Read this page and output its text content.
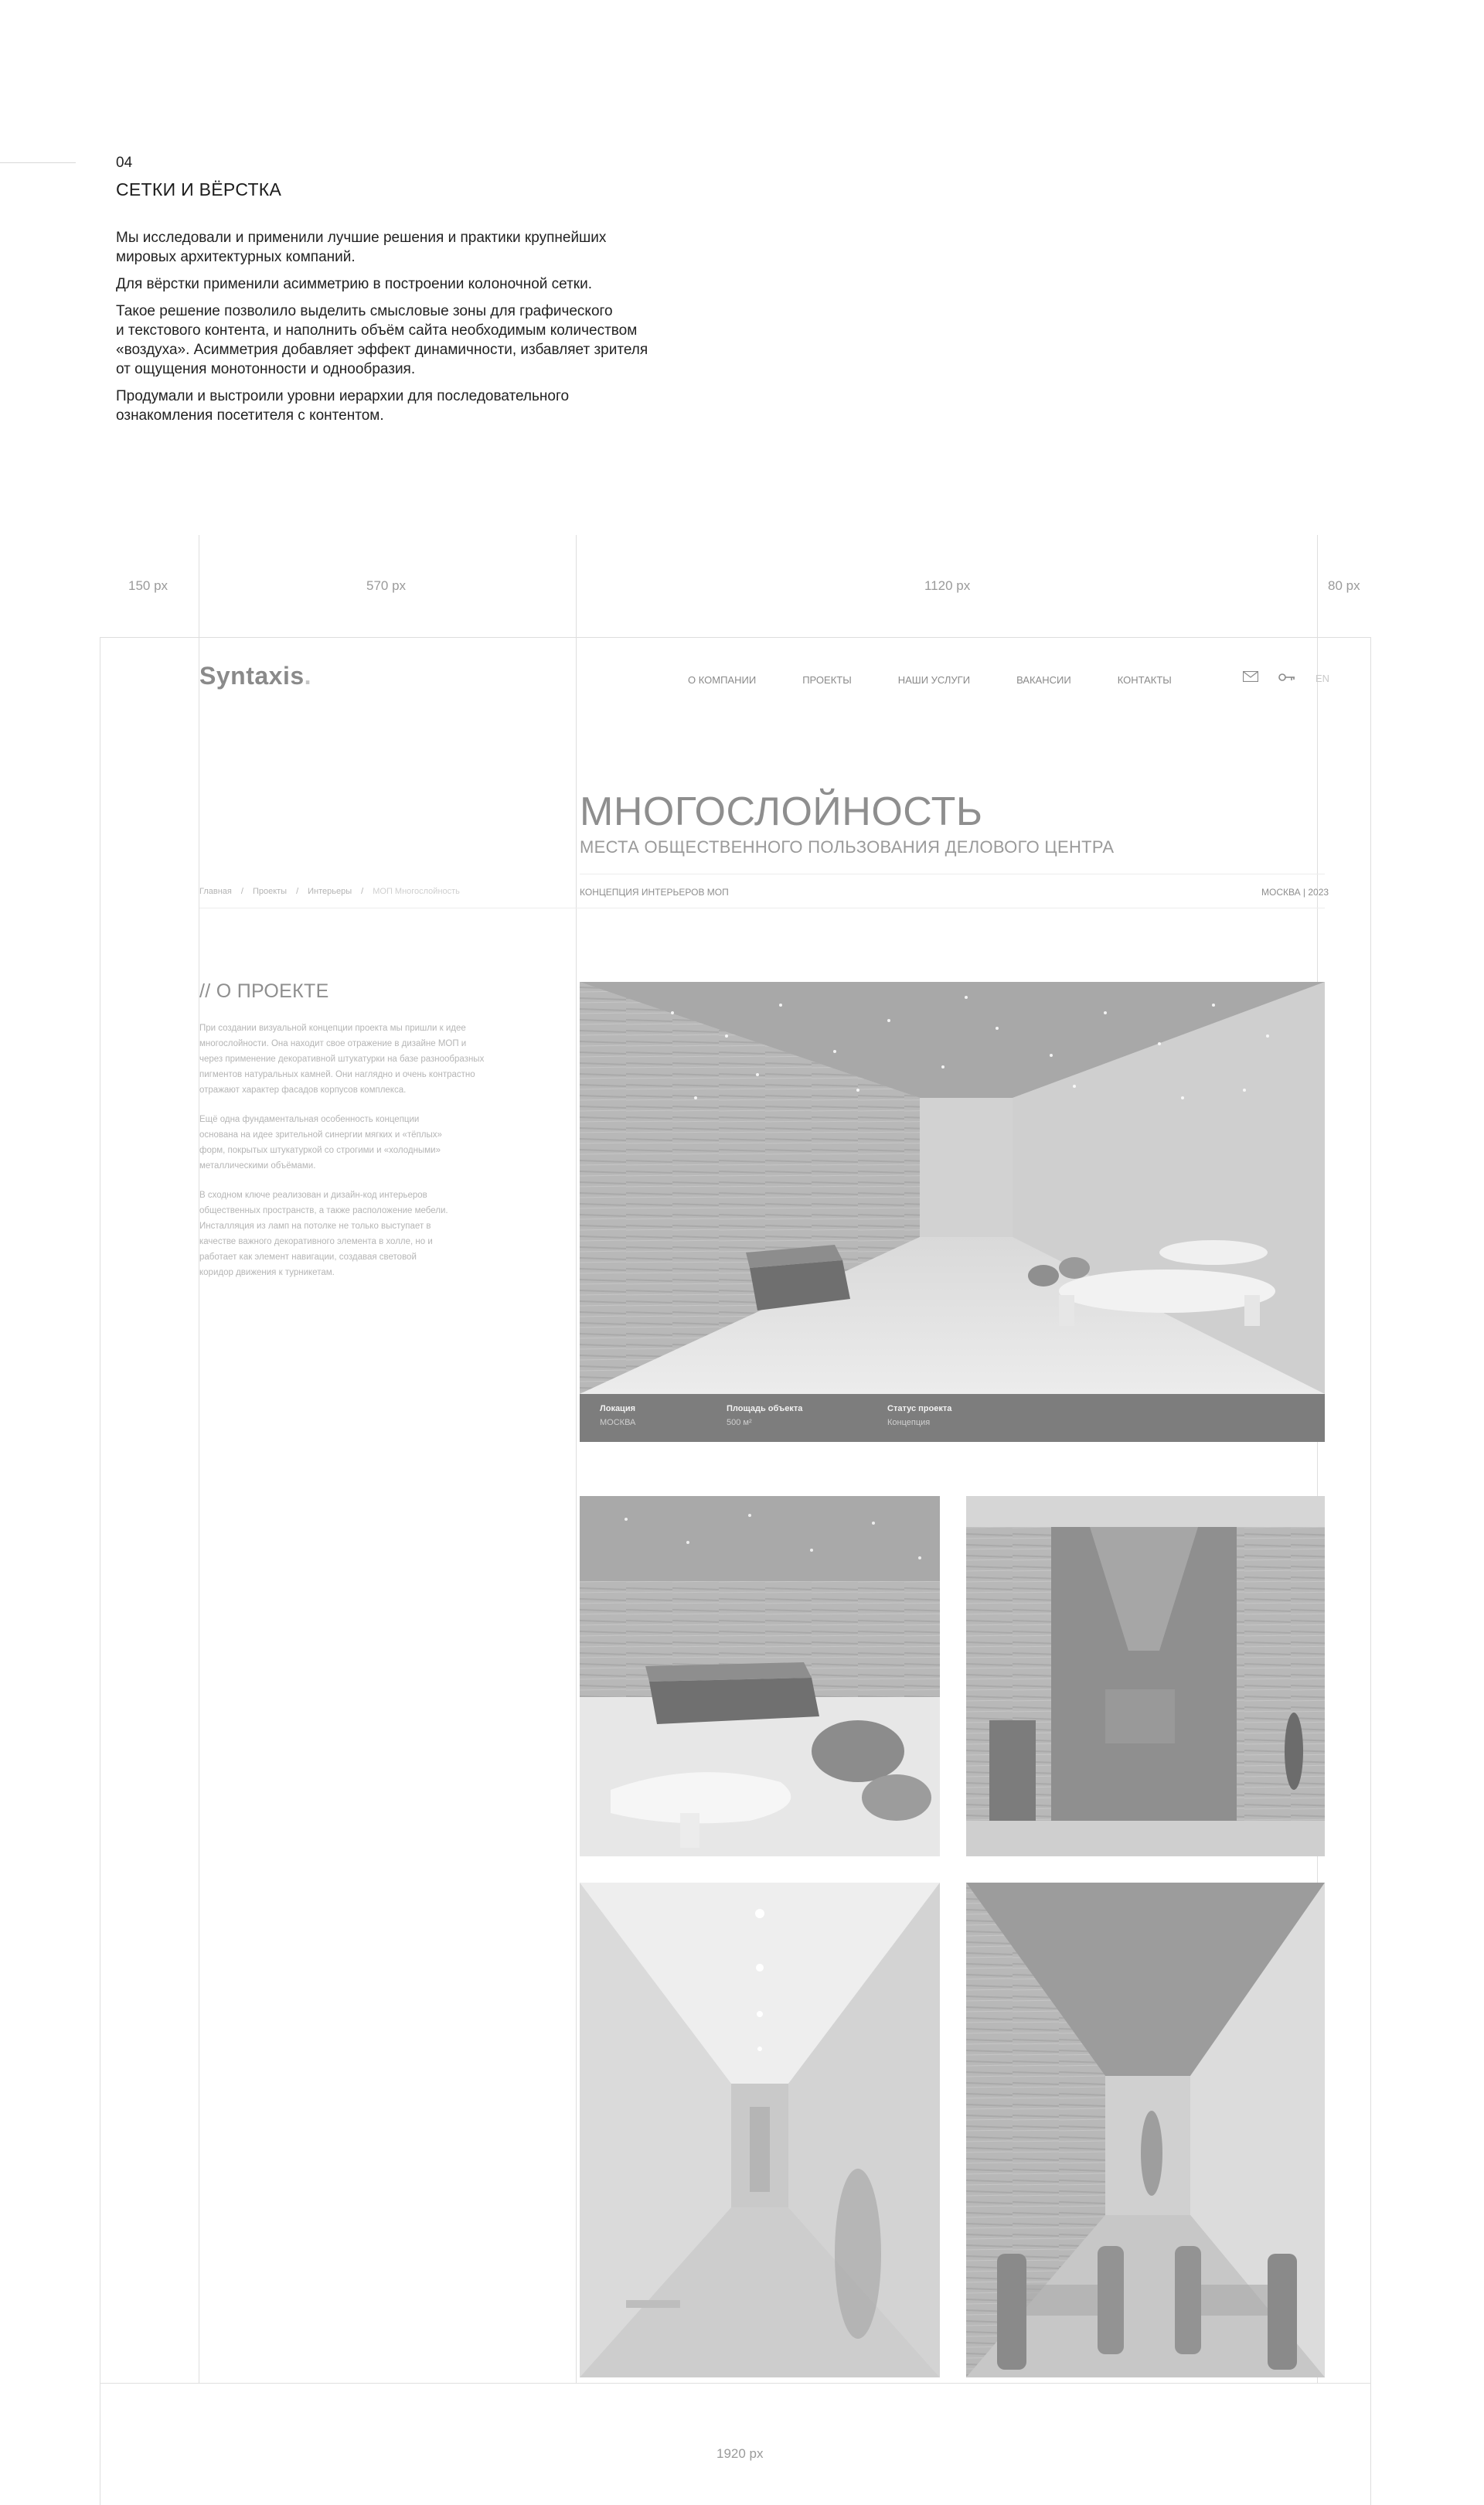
04
СЕТКИ И ВЁРСТКА

Мы исследовали и применили лучшие решения и практики крупнейших
мировых архитектурных компаний.

Для вёрстки применили асимметрию в построении колоночной сетки.

Такое решение позволило выделить смысловые зоны для графического
и текстового контента, и наполнить объём сайта необходимым количеством
«воздуха». Асимметрия добавляет эффект динамичности, избавляет зрителя
от ощущения монотонности и однообразия.

Продумали и выстроили уровни иерархии для последовательного
ознакомления посетителя с контентом.

150 px	570 px	1120 px	80 px
1920 px
Syntaxis.	О КОМПАНИИ	ПРОЕКТЫ	НАШИ УСЛУГИ	ВАКАНСИИ	КОНТАКТЫ	EN
МНОГОСЛОЙНОСТЬ
МЕСТА ОБЩЕСТВЕННОГО ПОЛЬЗОВАНИЯ ДЕЛОВОГО ЦЕНТРА
Главная / Проекты / Интерьеры / МОП Многослойность	КОНЦЕПЦИЯ ИНТЕРЬЕРОВ МОП	МОСКВА | 2023
// О ПРОЕКТЕ

При создании визуальной концепции проекта мы пришли к идее
многослойности. Она находит свое отражение в дизайне МОП и
через применение декоративной штукатурки на базе разнообразных
пигментов натуральных камней. Они наглядно и очень контрастно
отражают характер фасадов корпусов комплекса.

Ещё одна фундаментальная особенность концепции
основана на идее зрительной синергии мягких и «тёплых»
форм, покрытых штукатуркой со строгими и «холодными»
металлическими объёмами.

В сходном ключе реализован и дизайн-код интерьеров
общественных пространств, а также расположение мебели.
Инсталляция из ламп на потолке не только выступает в
качестве важного декоративного элемента в холле, но и
работает как элемент навигации, создавая световой
коридор движения к турникетам.

Локация
МОСКВА
Площадь объекта
500 м²
Статус проекта
Концепция
